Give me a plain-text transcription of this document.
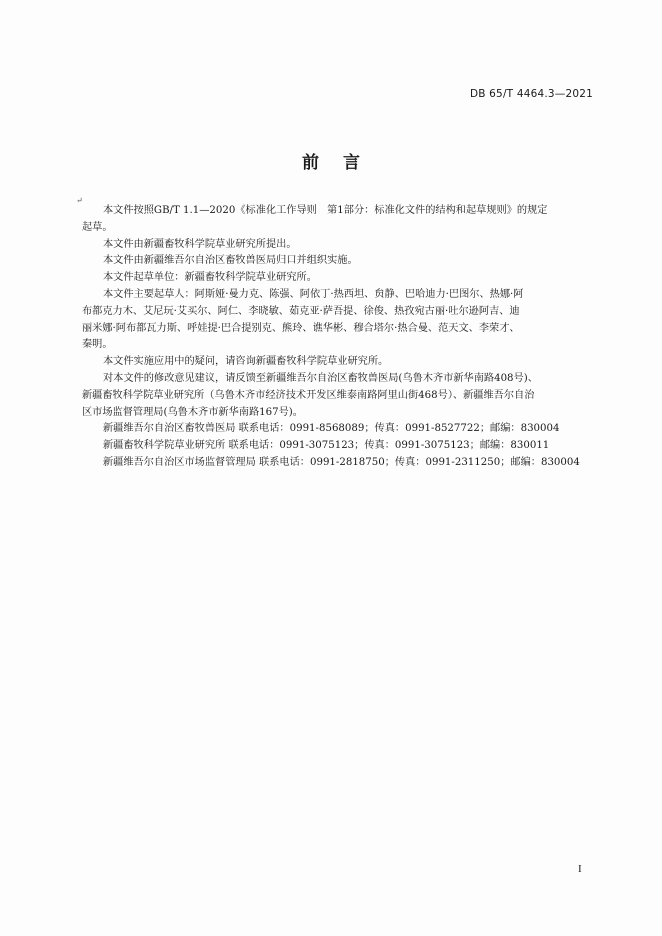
DB 65/T 4464.3—2021
前言
↵
本文件按照GB/T 1.1—2020《标准化工作导则　第1部分：标准化文件的结构和起草规则》的规定
起草。
本文件由新疆畜牧科学院草业研究所提出。
本文件由新疆维吾尔自治区畜牧兽医局归口并组织实施。
本文件起草单位：新疆畜牧科学院草业研究所。
本文件主要起草人：阿斯娅·曼力克、陈强、阿依丁·热西坦、贠静、巴哈迪力·巴图尔、热娜·阿
布都克力木、艾尼玩·艾买尔、阿仁、李晓敏、茹克亚·萨吾提、徐俊、热孜宛古丽·吐尔逊阿吉、迪
丽米娜·阿布都瓦力斯、呼娃提·巴合提别克、熊玲、谯华彬、穆合塔尔·热合曼、范天文、李荣才、
秦明。
本文件实施应用中的疑问，请咨询新疆畜牧科学院草业研究所。
对本文件的修改意见建议，请反馈至新疆维吾尔自治区畜牧兽医局(乌鲁木齐市新华南路408号)、
新疆畜牧科学院草业研究所（乌鲁木齐市经济技术开发区维泰南路阿里山街468号）、新疆维吾尔自治
区市场监督管理局(乌鲁木齐市新华南路167号)。
新疆维吾尔自治区畜牧兽医局 联系电话：0991-8568089；传真：0991-8527722；邮编：830004
新疆畜牧科学院草业研究所 联系电话：0991-3075123；传真：0991-3075123；邮编：830011
新疆维吾尔自治区市场监督管理局 联系电话：0991-2818750；传真：0991-2311250；邮编：830004
I
